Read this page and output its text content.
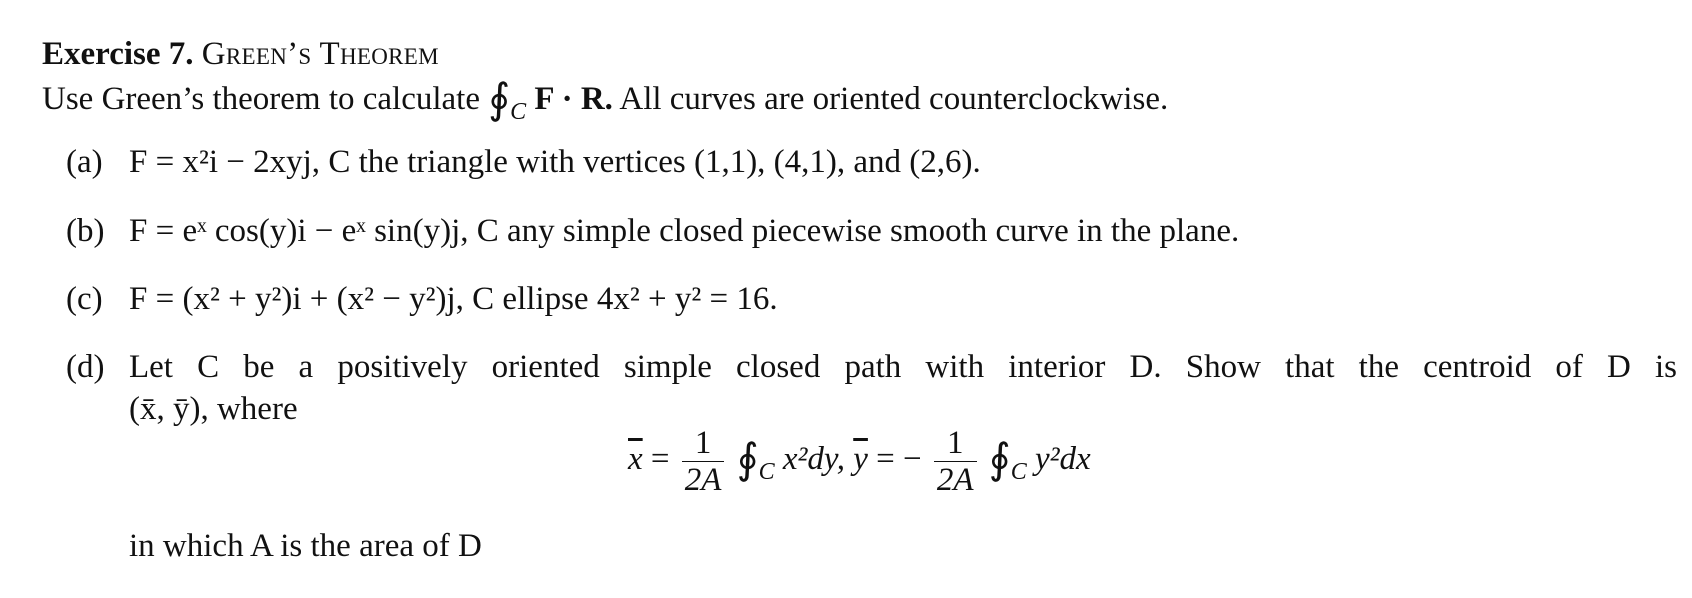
Exercise 7. Green’s Theorem
Use Green’s theorem to calculate $∮_C$ F · R. All curves are oriented counterclockwise.
(a) F = x²i − 2xyj, C the triangle with vertices (1,1), (4,1), and (2,6).
(b) F = eˣ cos(y)i − eˣ sin(y)j, C any simple closed piecewise smooth curve in the plane.
(c) F = (x² + y²)i + (x² − y²)j, C ellipse 4x² + y² = 16.
(d) Let C be a positively oriented simple closed path with interior D. Show that the centroid of D is
(x̄, ȳ), where
$\overline{x} = \frac{1}{2A}$ $∮_C$ x²dy, $\overline{y}$ = − $\frac{1}{2A}$ $∮_C$ y²dx
in which A is the area of D
